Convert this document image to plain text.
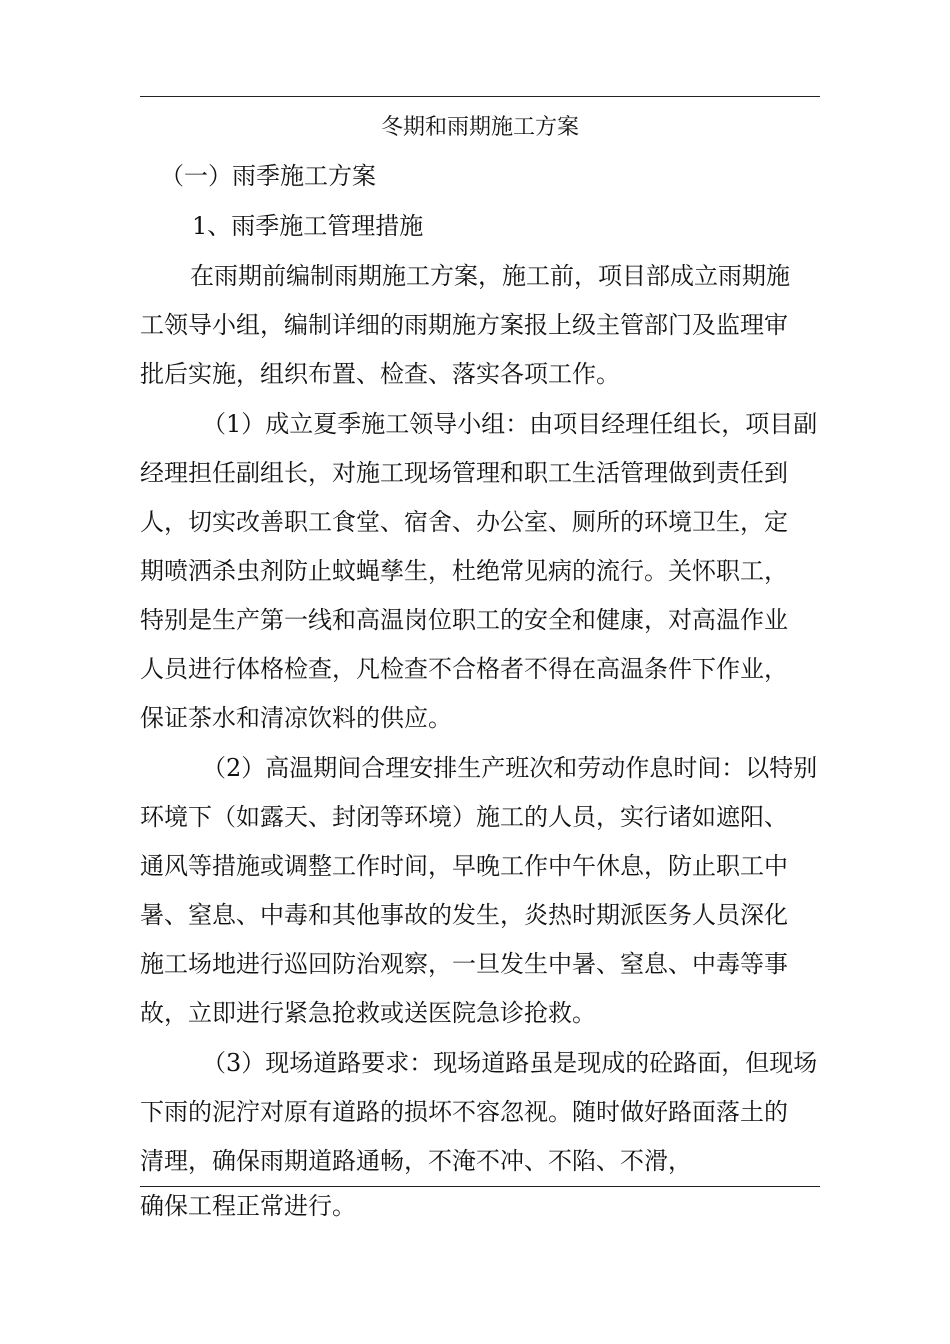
冬期和雨期施工方案
（一）雨季施工方案
1、雨季施工管理措施
在雨期前编制雨期施工方案，施工前，项目部成立雨期施
工领导小组，编制详细的雨期施方案报上级主管部门及监理审
批后实施，组织布置、检查、落实各项工作。
（1）成立夏季施工领导小组：由项目经理任组长，项目副
经理担任副组长，对施工现场管理和职工生活管理做到责任到
人，切实改善职工食堂、宿舍、办公室、厕所的环境卫生，定
期喷洒杀虫剂防止蚊蝇孳生，杜绝常见病的流行。关怀职工，
特别是生产第一线和高温岗位职工的安全和健康，对高温作业
人员进行体格检查，凡检查不合格者不得在高温条件下作业，
保证茶水和清凉饮料的供应。
（2）高温期间合理安排生产班次和劳动作息时间：以特别
环境下（如露天、封闭等环境）施工的人员，实行诸如遮阳、
通风等措施或调整工作时间，早晚工作中午休息，防止职工中
暑、窒息、中毒和其他事故的发生，炎热时期派医务人员深化
施工场地进行巡回防治观察，一旦发生中暑、窒息、中毒等事
故，立即进行紧急抢救或送医院急诊抢救。
（3）现场道路要求：现场道路虽是现成的砼路面，但现场
下雨的泥泞对原有道路的损坏不容忽视。随时做好路面落土的
清理，确保雨期道路通畅，不淹不冲、不陷、不滑，
确保工程正常进行。
